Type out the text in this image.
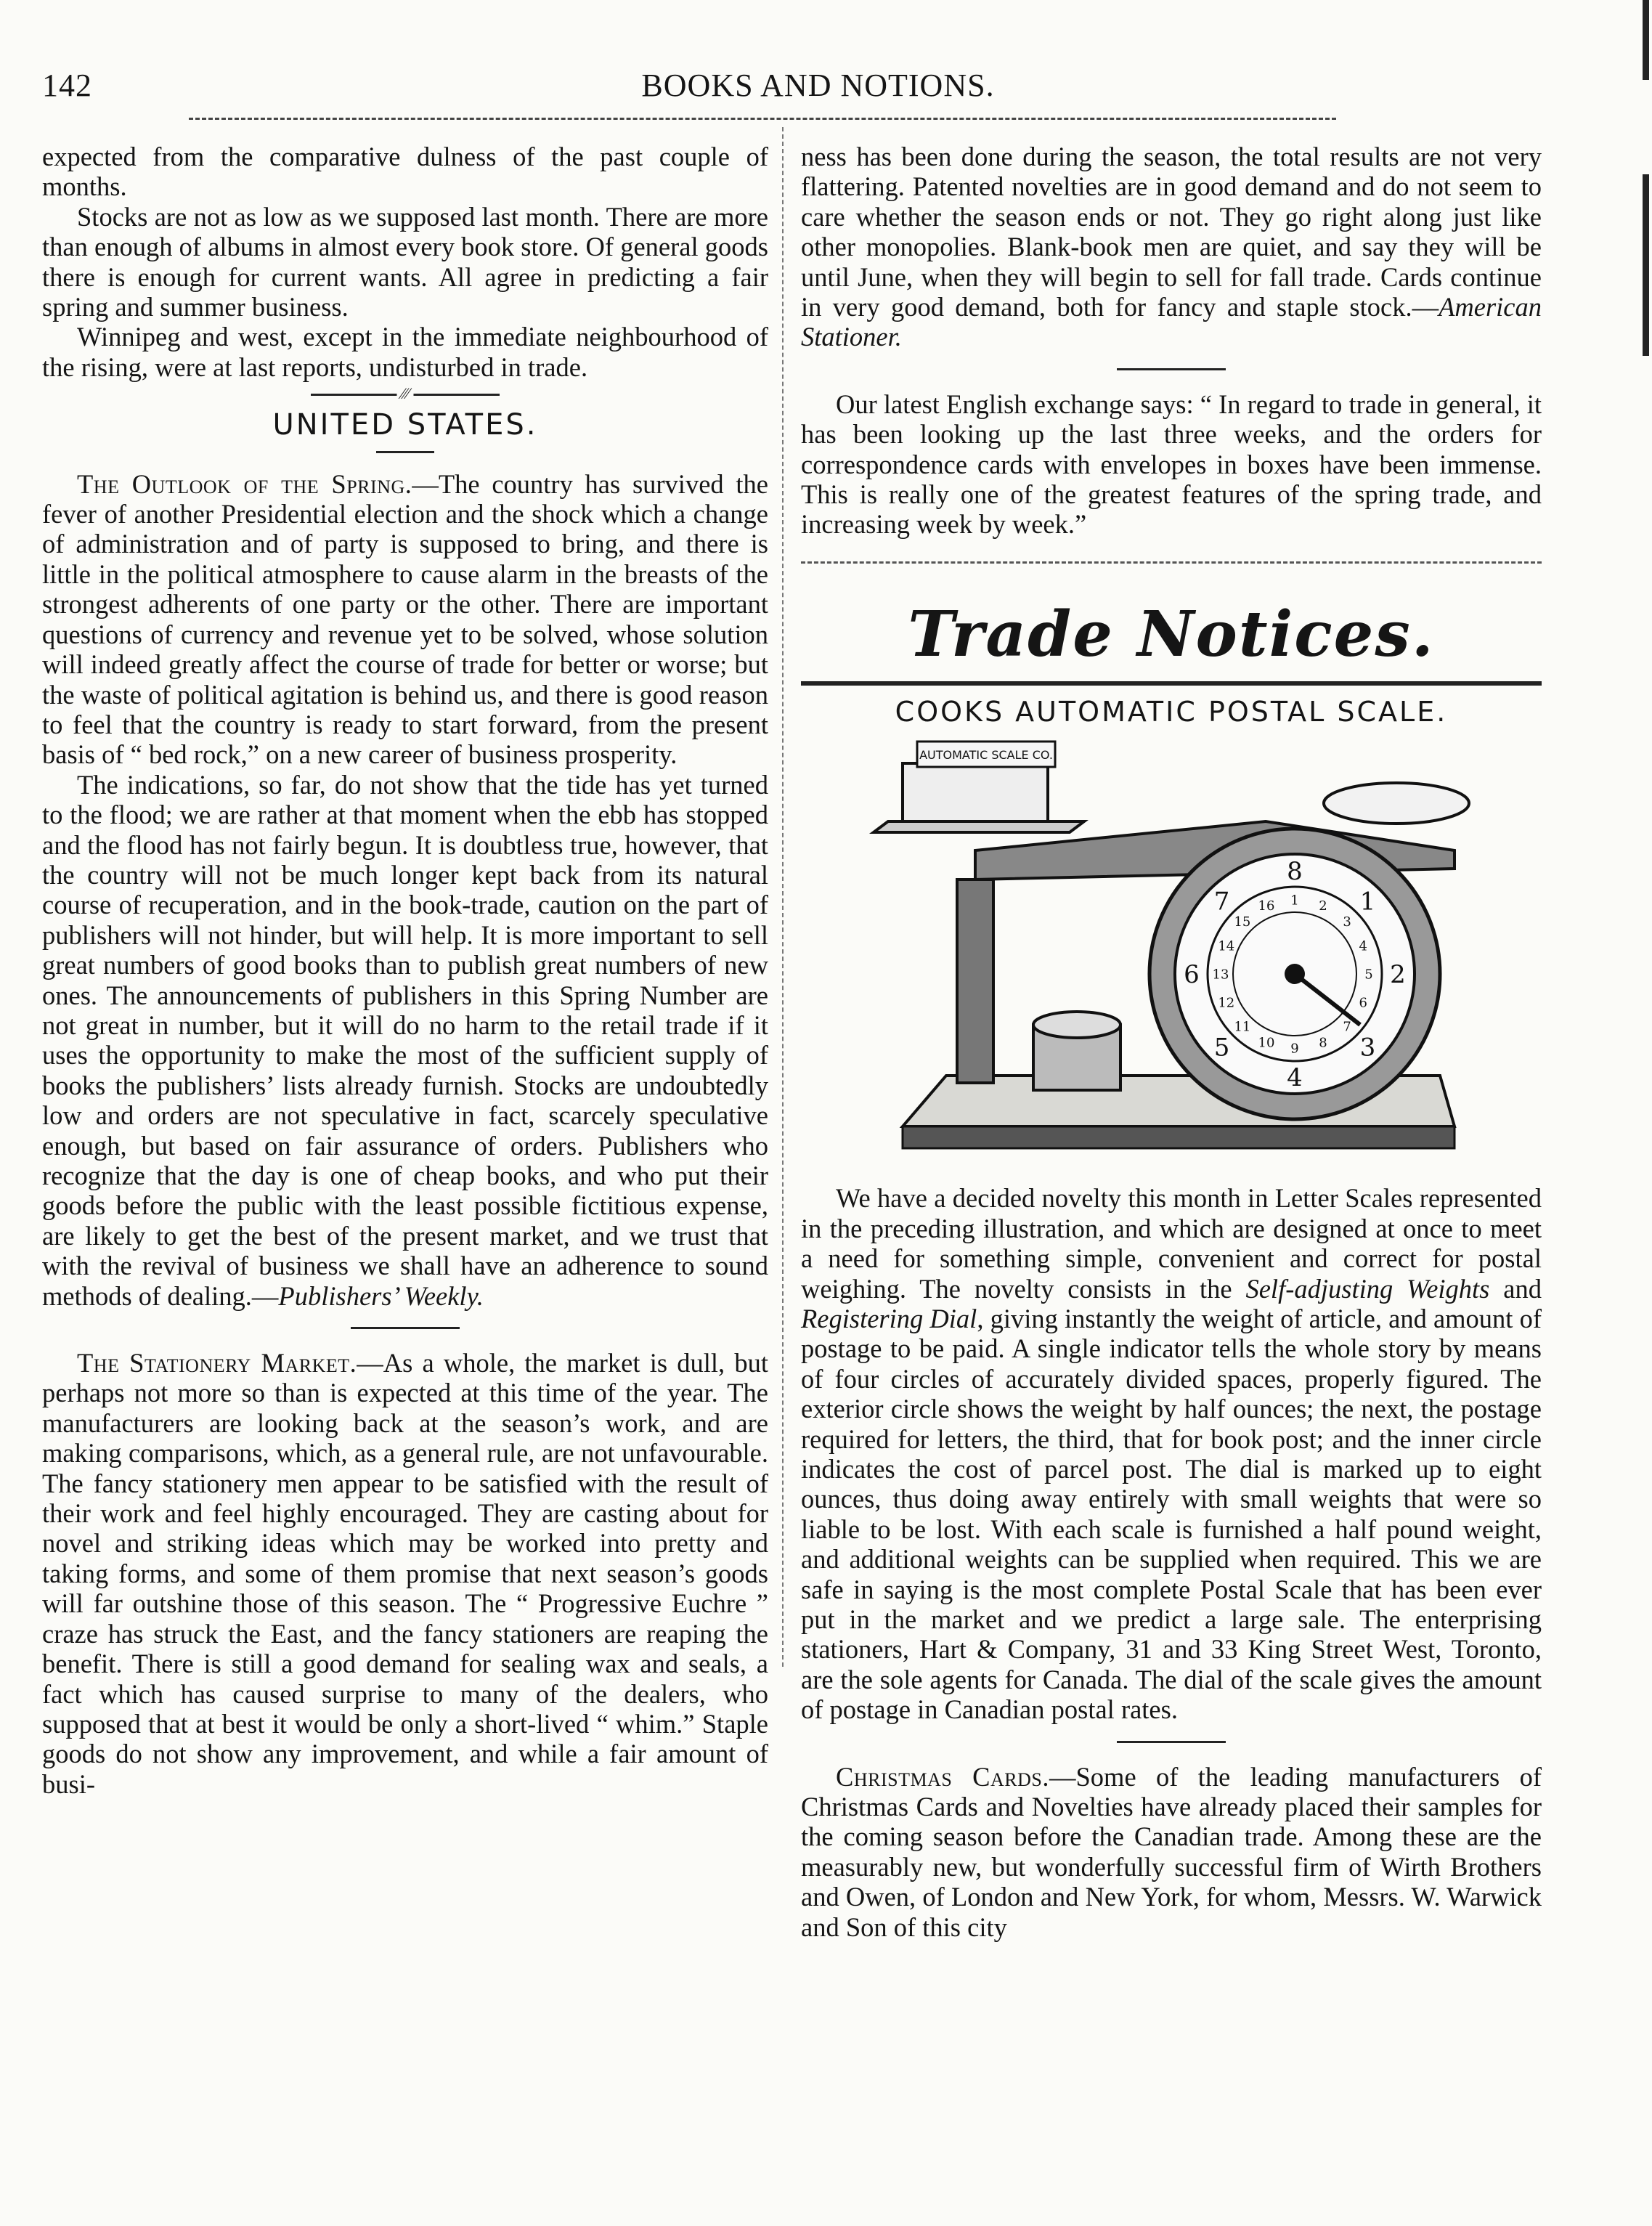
142	BOOKS AND NOTIONS.

expected from the comparative dulness of the past couple of months.

Stocks are not as low as we supposed last month. There are more than enough of albums in almost every book store. Of general goods there is enough for current wants. All agree in predicting a fair spring and summer business.

Winnipeg and west, except in the immediate neighbourhood of the rising, were at last reports, undisturbed in trade.

⁄⁄⁄
UNITED STATES.

The Outlook of the Spring.—The country has survived the fever of another Presidential election and the shock which a change of administration and of party is supposed to bring, and there is little in the political atmosphere to cause alarm in the breasts of the strongest adherents of one party or the other. There are important questions of currency and revenue yet to be solved, whose solution will indeed greatly affect the course of trade for better or worse; but the waste of political agitation is behind us, and there is good reason to feel that the country is ready to start forward, from the present basis of “ bed rock,” on a new career of business prosperity.

The indications, so far, do not show that the tide has yet turned to the flood; we are rather at that moment when the ebb has stopped and the flood has not fairly begun. It is doubtless true, however, that the country will not be much longer kept back from its natural course of recuperation, and in the book-trade, caution on the part of publishers will not hinder, but will help. It is more important to sell great numbers of good books than to publish great numbers of new ones. The announcements of publishers in this Spring Number are not great in number, but it will do no harm to the retail trade if it uses the opportunity to make the most of the sufficient supply of books the publishers’ lists already furnish. Stocks are undoubtedly low and orders are not speculative in fact, scarcely speculative enough, but based on fair assurance of orders. Publishers who recognize that the day is one of cheap books, and who put their goods before the public with the least possible fictitious expense, are likely to get the best of the present market, and we trust that with the revival of business we shall have an adherence to sound methods of dealing.—Publishers’ Weekly.

The Stationery Market.—As a whole, the market is dull, but perhaps not more so than is expected at this time of the year. The manufacturers are looking back at the season’s work, and are making comparisons, which, as a general rule, are not unfavourable. The fancy stationery men appear to be satisfied with the result of their work and feel highly encouraged. They are casting about for novel and striking ideas which may be worked into pretty and taking forms, and some of them promise that next season’s goods will far outshine those of this season. The “ Progressive Euchre ” craze has struck the East, and the fancy stationers are reaping the benefit. There is still a good demand for sealing wax and seals, a fact which has caused surprise to many of the dealers, who supposed that at best it would be only a short-lived “ whim.” Staple goods do not show any improvement, and while a fair amount of busi-

ness has been done during the season, the total results are not very flattering. Patented novelties are in good demand and do not seem to care whether the season ends or not. They go right along just like other monopolies. Blank-book men are quiet, and say they will be until June, when they will begin to sell for fall trade. Cards continue in very good demand, both for fancy and staple stock.—American Stationer.

Our latest English exchange says: “ In regard to trade in general, it has been looking up the last three weeks, and the orders for correspondence cards with envelopes in boxes have been immense. This is really one of the greatest features of the spring trade, and increasing week by week.”

Trade Notices.
COOKS AUTOMATIC POSTAL SCALE.
AUTOMATIC SCALE CO.
8
1
2
3
4
5
6
7	1 2
3
4
5
6
7
8
9
10
11
12
13
14
15
16

We have a decided novelty this month in Letter Scales represented in the preceding illustration, and which are designed at once to meet a need for something simple, convenient and correct for postal weighing. The novelty consists in the Self-adjusting Weights and Registering Dial, giving instantly the weight of article, and amount of postage to be paid. A single indicator tells the whole story by means of four circles of accurately divided spaces, properly figured. The exterior circle shows the weight by half ounces; the next, the postage required for letters, the third, that for book post; and the inner circle indicates the cost of parcel post. The dial is marked up to eight ounces, thus doing away entirely with small weights that were so liable to be lost. With each scale is furnished a half pound weight, and additional weights can be supplied when required. This we are safe in saying is the most complete Postal Scale that has been ever put in the market and we predict a large sale. The enterprising stationers, Hart & Company, 31 and 33 King Street West, Toronto, are the sole agents for Canada. The dial of the scale gives the amount of postage in Canadian postal rates.

Christmas Cards.—Some of the leading manufacturers of Christmas Cards and Novelties have already placed their samples for the coming season before the Canadian trade. Among these are the measurably new, but wonderfully successful firm of Wirth Brothers and Owen, of London and New York, for whom, Messrs. W. Warwick and Son of this city
